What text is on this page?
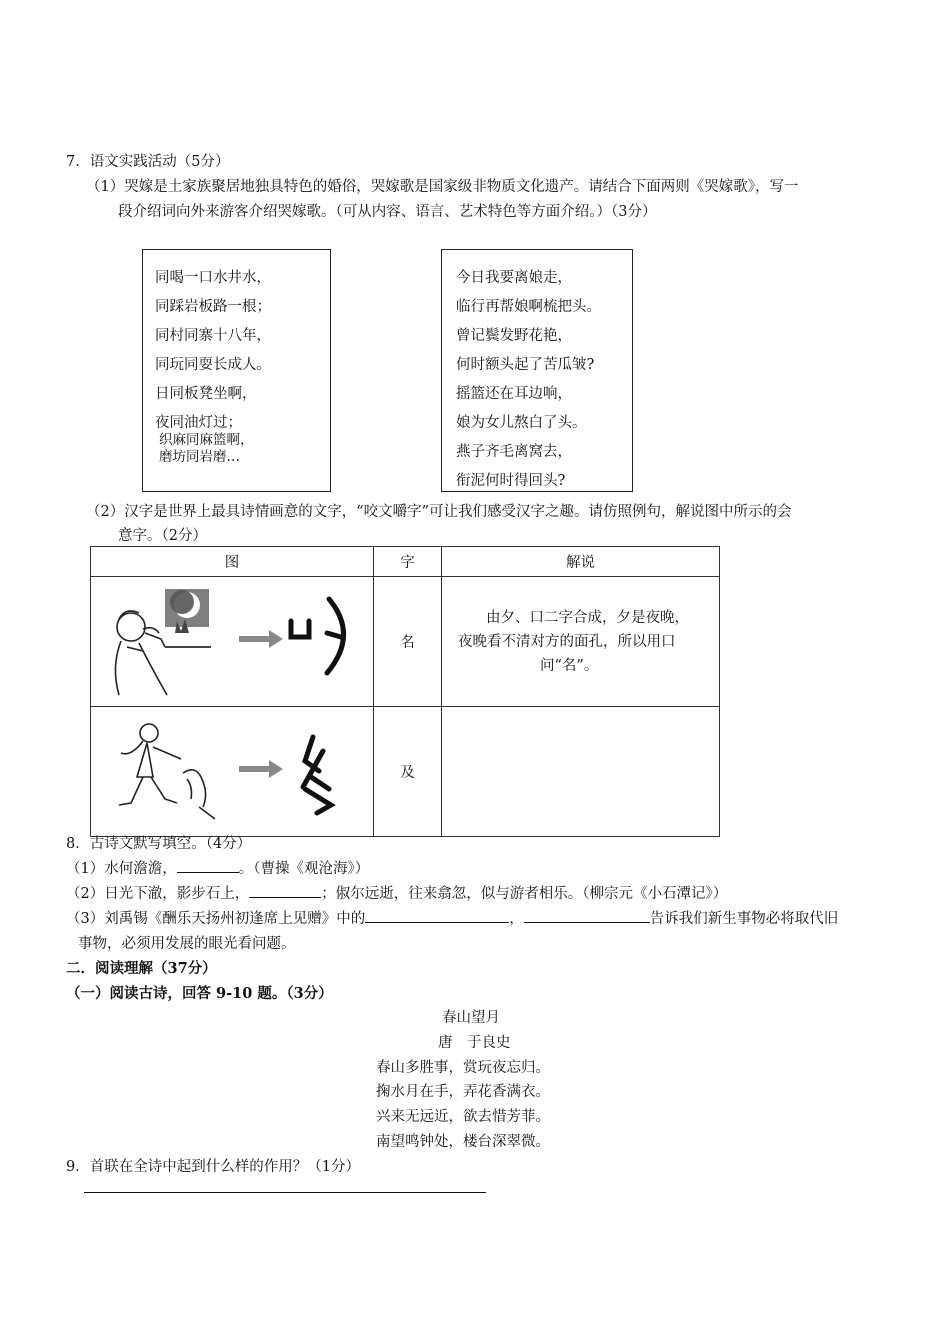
7．语文实践活动（5分）
（1）哭嫁是土家族聚居地独具特色的婚俗，哭嫁歌是国家级非物质文化遗产。请结合下面两则《哭嫁歌》，写一
段介绍词向外来游客介绍哭嫁歌。（可从内容、语言、艺术特色等方面介绍。）（3分）
同喝一口水井水，
同踩岩板路一根；
同村同寨十八年，
同玩同耍长成人。
日同板凳坐啊，
夜同油灯过；
织麻同麻篮啊，
磨坊同岩磨…
今日我要离娘走，
临行再帮娘啊梳把头。
曾记鬓发野花艳，
何时额头起了苦瓜皱?
摇篮还在耳边响，
娘为女儿熬白了头。
燕子齐毛离窝去，
衔泥何时得回头?
（2）汉字是世界上最具诗情画意的文字，“咬文嚼字”可让我们感受汉字之趣。请仿照例句，解说图中所示的会
意字。（2分）
图	字	解说
	名	由夕、口二字合成，夕是夜晚，
夜晚看不清对方的面孔，所以用口
问“名”。

	及	
8．古诗文默写填空。（4分）
（1）水何澹澹，	。（曹操《观沧海》）
（2）日光下澈，影步石上，	；俶尔远逝，往来翕忽，似与游者相乐。（柳宗元《小石潭记》）
（3）刘禹锡《酬乐天扬州初逢席上见赠》中的	，	告诉我们新生事物必将取代旧
事物，必须用发展的眼光看问题。
二．阅读理解（37分）
（一）阅读古诗，回答 9-10 题。（3分）
春山望月
唐　于良史
春山多胜事，赏玩夜忘归。
掬水月在手，弄花香满衣。
兴来无远近，欲去惜芳菲。
南望鸣钟处，楼台深翠微。
9．首联在全诗中起到什么样的作用？（1分）
